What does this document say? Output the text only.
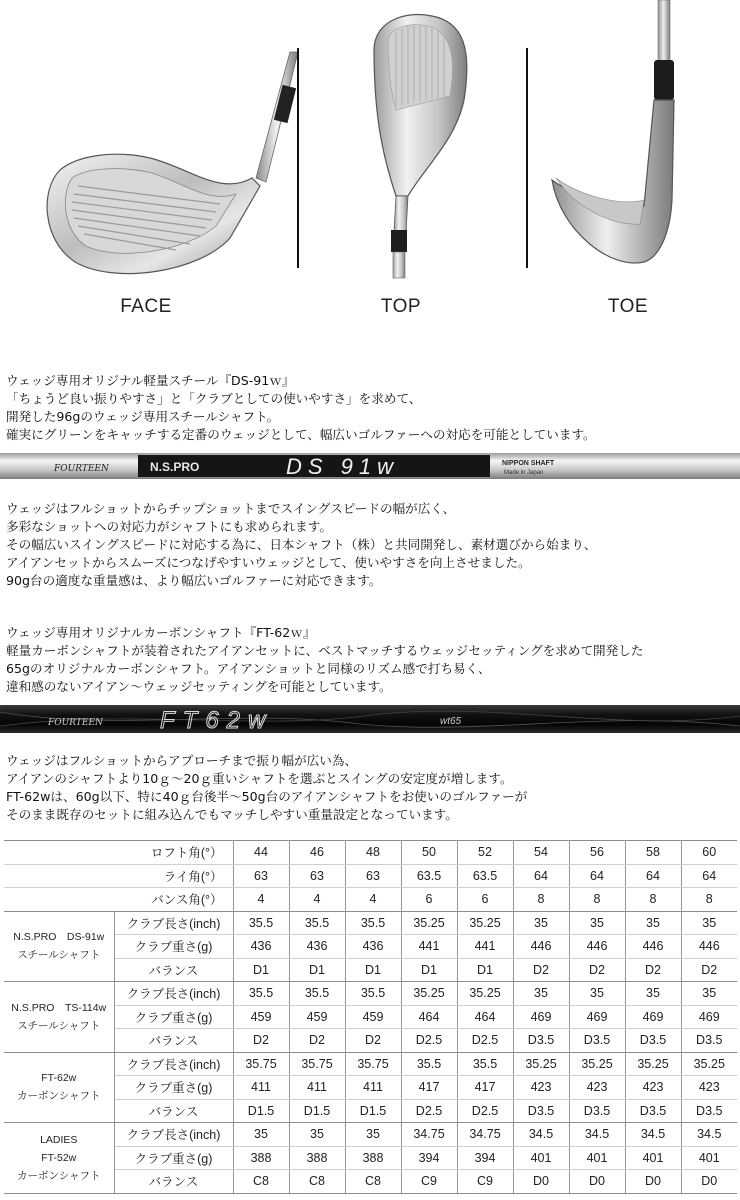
FACE	TOP	TOE
ウェッジ専用オリジナル軽量スチール『DS-91ｗ』
「ちょうど良い振りやすさ」と「クラブとしての使いやすさ」を求めて、
開発した96gのウェッジ専用スチールシャフト。
確実にグリーンをキャッチする定番のウェッジとして、幅広いゴルファーへの対応を可能としています。
FOURTEEN	N.S.PRO	DS 91w	NIPPON SHAFT
Made in Japan
ウェッジはフルショットからチップショットまでスイングスピードの幅が広く、
多彩なショットへの対応力がシャフトにも求められます。
その幅広いスイングスピードに対応する為に、日本シャフト（株）と共同開発し、素材選びから始まり、
アイアンセットからスムーズにつなげやすいウェッジとして、使いやすさを向上させました。
90g台の適度な重量感は、より幅広いゴルファーに対応できます。
ウェッジ専用オリジナルカーボンシャフト『FT-62ｗ』
軽量カーボンシャフトが装着されたアイアンセットに、ベストマッチするウェッジセッティングを求めて開発した
65gのオリジナルカーボンシャフト。アイアンショットと同様のリズム感で打ち易く、
違和感のないアイアン～ウェッジセッティングを可能としています。
FOURTEEN FT62w	wt65
ウェッジはフルショットからアプローチまで振り幅が広い為、
アイアンのシャフトより10ｇ～20ｇ重いシャフトを選ぶとスイングの安定度が増します。
FT-62wは、60g以下、特に40ｇ台後半～50g台のアイアンシャフトをお使いのゴルファーが
そのまま既存のセットに組み込んでもマッチしやすい重量設定となっています。
ロフト角(°）		44	46	48	50	52	54	56	58	60
ライ角(°）		63	63	63	63.5	63.5	64	64	64	64
バンス角(°）		4	4	4	6	6	8	8	8	8

N.S.PRO　DS-91w
スチールシャフト	クラブ長さ(inch)	35.5	35.5	35.5	35.25	35.25	35	35	35	35
	クラブ重さ(g)	436	436	436	441	441	446	446	446	446
	バランス	D1	D1	D1	D1	D1	D2	D2	D2	D2

N.S.PRO　TS-114w
スチールシャフト	クラブ長さ(inch)	35.5	35.5	35.5	35.25	35.25	35	35	35	35
	クラブ重さ(g)	459	459	459	464	464	469	469	469	469
	バランス	D2	D2	D2	D2.5	D2.5	D3.5	D3.5	D3.5	D3.5

FT-62w
カーボンシャフト	クラブ長さ(inch)	35.75	35.75	35.75	35.5	35.5	35.25	35.25	35.25	35.25
	クラブ重さ(g)	411	411	411	417	417	423	423	423	423
	バランス	D1.5	D1.5	D1.5	D2.5	D2.5	D3.5	D3.5	D3.5	D3.5

LADIES
FT-52w
カーボンシャフト	クラブ長さ(inch)	35	35	35	34.75	34.75	34.5	34.5	34.5	34.5
	クラブ重さ(g)	388	388	388	394	394	401	401	401	401
	バランス	C8	C8	C8	C9	C9	D0	D0	D0	D0
